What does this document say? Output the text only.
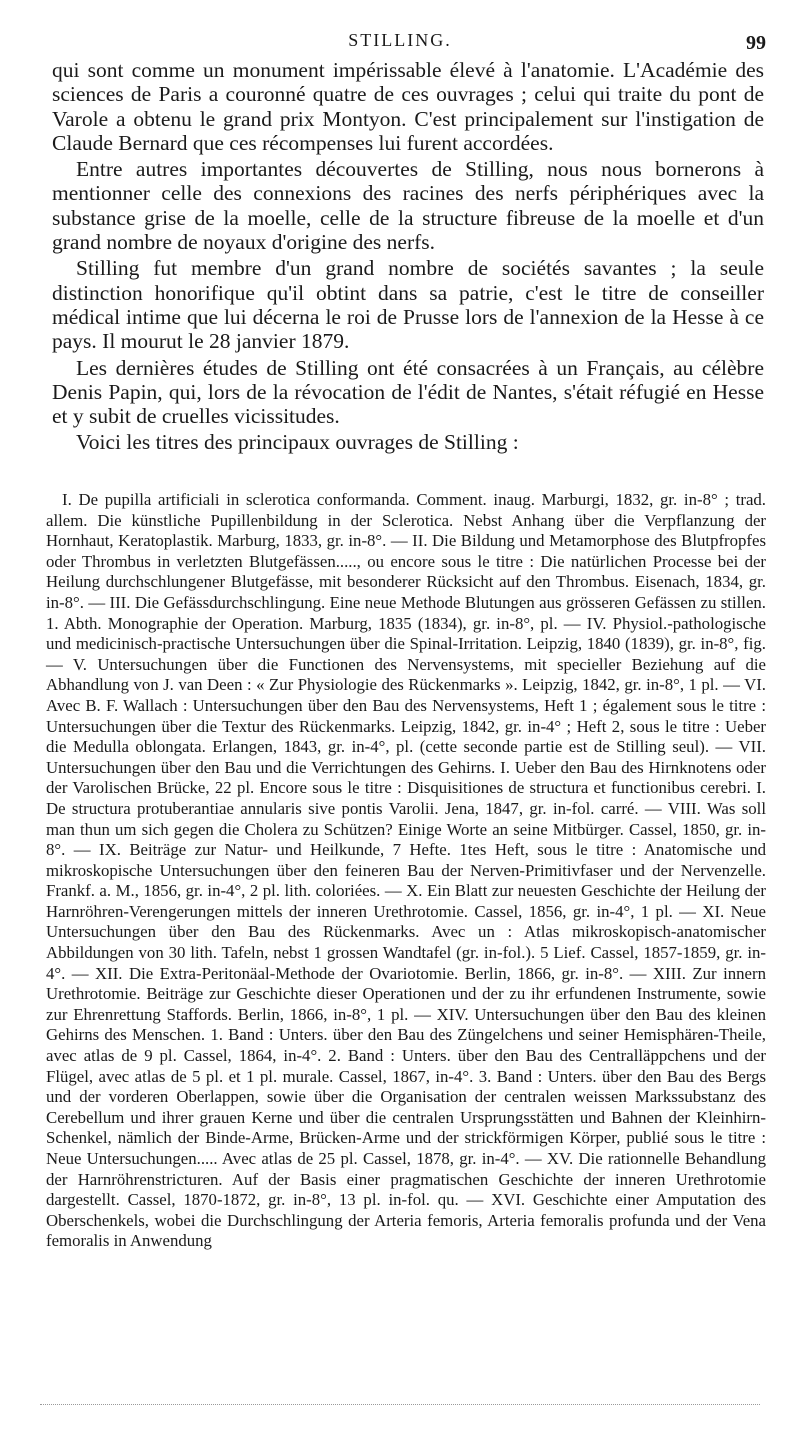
STILLING.	99

qui sont comme un monument impérissable élevé à l'anatomie. L'Académie des sciences de Paris a couronné quatre de ces ouvrages ; celui qui traite du pont de Varole a obtenu le grand prix Montyon. C'est principalement sur l'instigation de Claude Bernard que ces récompenses lui furent accordées.

Entre autres importantes découvertes de Stilling, nous nous bornerons à mentionner celle des connexions des racines des nerfs périphériques avec la substance grise de la moelle, celle de la structure fibreuse de la moelle et d'un grand nombre de noyaux d'origine des nerfs.

Stilling fut membre d'un grand nombre de sociétés savantes ; la seule distinction honorifique qu'il obtint dans sa patrie, c'est le titre de conseiller médical intime que lui décerna le roi de Prusse lors de l'annexion de la Hesse à ce pays. Il mourut le 28 janvier 1879.

Les dernières études de Stilling ont été consacrées à un Français, au célèbre Denis Papin, qui, lors de la révocation de l'édit de Nantes, s'était réfugié en Hesse et y subit de cruelles vicissitudes.

Voici les titres des principaux ouvrages de Stilling :

I. De pupilla artificiali in sclerotica conformanda. Comment. inaug. Marburgi, 1832, gr. in-8° ; trad. allem. Die künstliche Pupillenbildung in der Sclerotica. Nebst Anhang über die Verpflanzung der Hornhaut, Keratoplastik. Marburg, 1833, gr. in-8°. — II. Die Bildung und Metamorphose des Blutpfropfes oder Thrombus in verletzten Blutgefässen....., ou encore sous le titre : Die natürlichen Processe bei der Heilung durchschlungener Blutgefässe, mit besonderer Rücksicht auf den Thrombus. Eisenach, 1834, gr. in-8°. — III. Die Gefässdurchschlingung. Eine neue Methode Blutungen aus grösseren Gefässen zu stillen. 1. Abth. Monographie der Operation. Marburg, 1835 (1834), gr. in-8°, pl. — IV. Physiol.-pathologische und medicinisch-practische Untersuchungen über die Spinal-Irritation. Leipzig, 1840 (1839), gr. in-8°, fig. — V. Untersuchungen über die Functionen des Nervensystems, mit specieller Beziehung auf die Abhandlung von J. van Deen : « Zur Physiologie des Rückenmarks ». Leipzig, 1842, gr. in-8°, 1 pl. — VI. Avec B. F. Wallach : Untersuchungen über den Bau des Nervensystems, Heft 1 ; également sous le titre : Untersuchungen über die Textur des Rückenmarks. Leipzig, 1842, gr. in-4° ; Heft 2, sous le titre : Ueber die Medulla oblongata. Erlangen, 1843, gr. in-4°, pl. (cette seconde partie est de Stilling seul). — VII. Untersuchungen über den Bau und die Verrichtungen des Gehirns. I. Ueber den Bau des Hirnknotens oder der Varolischen Brücke, 22 pl. Encore sous le titre : Disquisitiones de structura et functionibus cerebri. I. De structura protuberantiae annularis sive pontis Varolii. Jena, 1847, gr. in-fol. carré. — VIII. Was soll man thun um sich gegen die Cholera zu Schützen? Einige Worte an seine Mitbürger. Cassel, 1850, gr. in-8°. — IX. Beiträge zur Natur- und Heilkunde, 7 Hefte. 1tes Heft, sous le titre : Anatomische und mikroskopische Untersuchungen über den feineren Bau der Nerven-Primitivfaser und der Nervenzelle. Frankf. a. M., 1856, gr. in-4°, 2 pl. lith. coloriées. — X. Ein Blatt zur neuesten Geschichte der Heilung der Harnröhren-Verengerungen mittels der inneren Urethrotomie. Cassel, 1856, gr. in-4°, 1 pl. — XI. Neue Untersuchungen über den Bau des Rückenmarks. Avec un : Atlas mikroskopisch-anatomischer Abbildungen von 30 lith. Tafeln, nebst 1 grossen Wandtafel (gr. in-fol.). 5 Lief. Cassel, 1857-1859, gr. in-4°. — XII. Die Extra-Peritonäal-Methode der Ovariotomie. Berlin, 1866, gr. in-8°. — XIII. Zur innern Urethrotomie. Beiträge zur Geschichte dieser Operationen und der zu ihr erfundenen Instrumente, sowie zur Ehrenrettung Staffords. Berlin, 1866, in-8°, 1 pl. — XIV. Untersuchungen über den Bau des kleinen Gehirns des Menschen. 1. Band : Unters. über den Bau des Züngelchens und seiner Hemisphären-Theile, avec atlas de 9 pl. Cassel, 1864, in-4°. 2. Band : Unters. über den Bau des Centralläppchens und der Flügel, avec atlas de 5 pl. et 1 pl. murale. Cassel, 1867, in-4°. 3. Band : Unters. über den Bau des Bergs und der vorderen Oberlappen, sowie über die Organisation der centralen weissen Markssubstanz des Cerebellum und ihrer grauen Kerne und über die centralen Ursprungsstätten und Bahnen der Kleinhirn-Schenkel, nämlich der Binde-Arme, Brücken-Arme und der strickförmigen Körper, publié sous le titre : Neue Untersuchungen..... Avec atlas de 25 pl. Cassel, 1878, gr. in-4°. — XV. Die rationnelle Behandlung der Harnröhrenstricturen. Auf der Basis einer pragmatischen Geschichte der inneren Urethrotomie dargestellt. Cassel, 1870-1872, gr. in-8°, 13 pl. in-fol. qu. — XVI. Geschichte einer Amputation des Oberschenkels, wobei die Durchschlingung der Arteria femoris, Arteria femoralis profunda und der Vena femoralis in Anwendung
